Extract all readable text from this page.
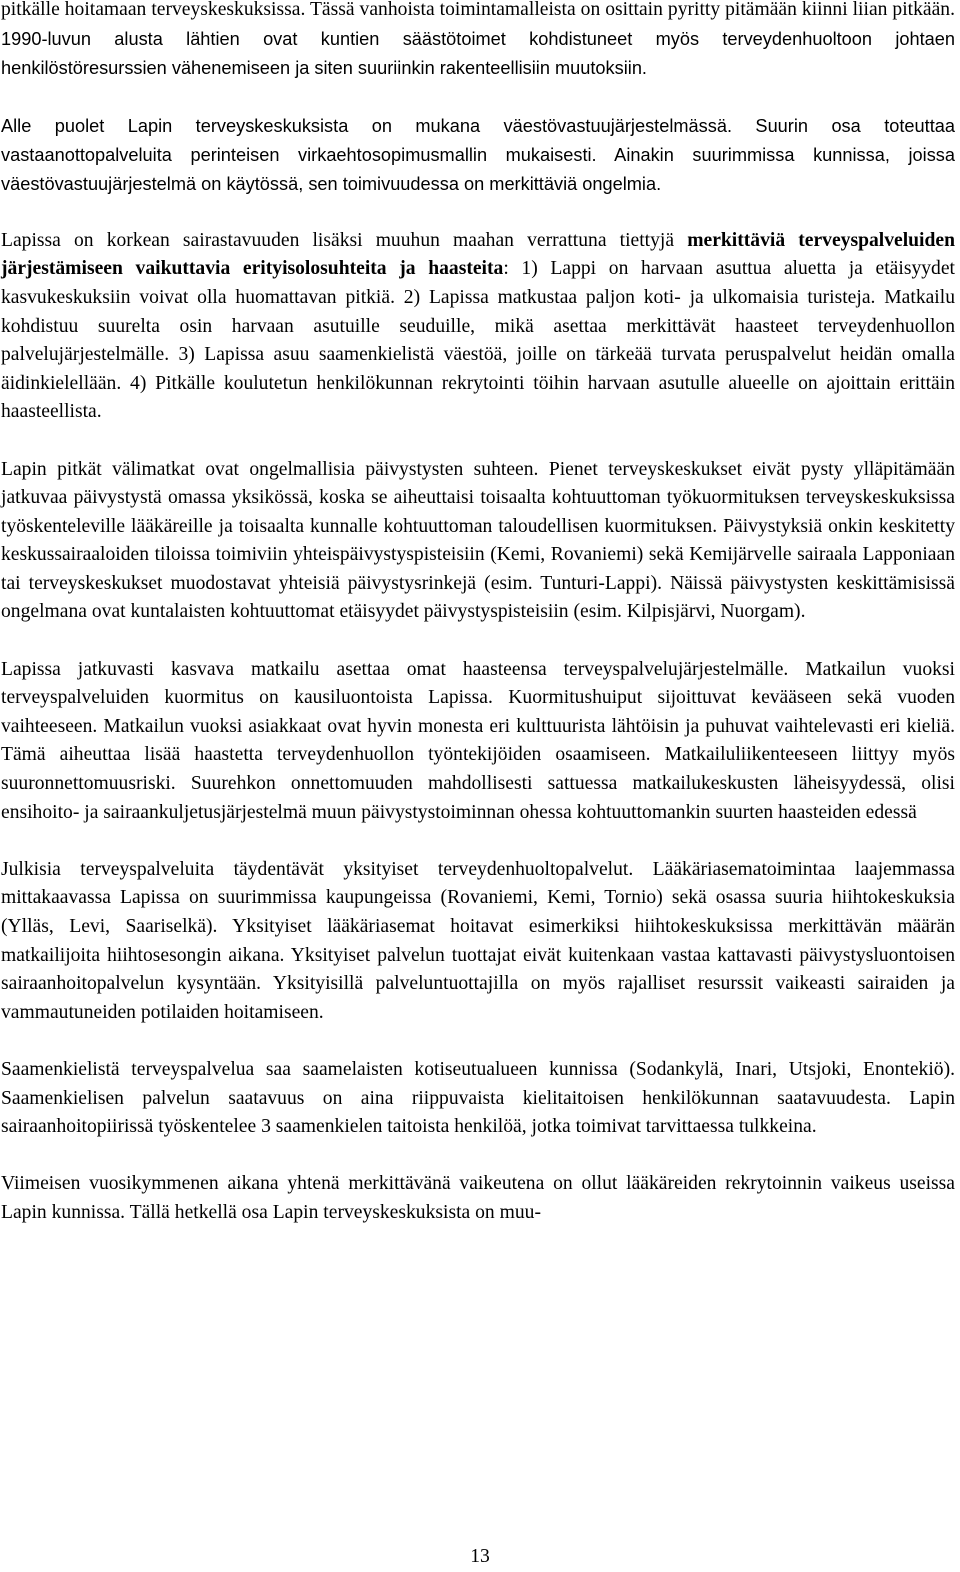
pitkälle hoitamaan terveyskeskuksissa. Tässä vanhoista toimintamalleista on osittain pyritty pitämään kiinni liian pitkään. 1990-luvun alusta lähtien ovat kuntien säästötoimet kohdistuneet myös terveydenhuoltoon johtaen henkilöstöresurssien vähenemiseen ja siten suuriinkin rakenteellisiin muutoksiin.

Alle puolet Lapin terveyskeskuksista on mukana väestövastuujärjestelmässä. Suurin osa toteuttaa vastaanottopalveluita perinteisen virkaehtosopimusmallin mukaisesti. Ainakin suurimmissa kunnissa, joissa väestövastuujärjestelmä on käytössä, sen toimivuudessa on merkittäviä ongelmia.

Lapissa on korkean sairastavuuden lisäksi muuhun maahan verrattuna tiettyjä merkittäviä terveyspalveluiden järjestämiseen vaikuttavia erityisolosuhteita ja haasteita: 1) Lappi on harvaan asuttua aluetta ja etäisyydet kasvukeskuksiin voivat olla huomattavan pitkiä. 2) Lapissa matkustaa paljon koti- ja ulkomaisia turisteja. Matkailu kohdistuu suurelta osin harvaan asutuille seuduille, mikä asettaa merkittävät haasteet terveydenhuollon palvelujärjestelmälle. 3) Lapissa asuu saamenkielistä väestöä, joille on tärkeää turvata peruspalvelut heidän omalla äidinkielellään. 4) Pitkälle koulutetun henkilökunnan rekrytointi töihin harvaan asutulle alueelle on ajoittain erittäin haasteellista.

Lapin pitkät välimatkat ovat ongelmallisia päivystysten suhteen. Pienet terveyskeskukset eivät pysty ylläpitämään jatkuvaa päivystystä omassa yksikössä, koska se aiheuttaisi toisaalta kohtuuttoman työkuormituksen terveyskeskuksissa työskenteleville lääkäreille ja toisaalta kunnalle kohtuuttoman taloudellisen kuormituksen. Päivystyksiä onkin keskitetty keskussairaaloiden tiloissa toimiviin yhteispäivystyspisteisiin (Kemi, Rovaniemi) sekä Kemijärvelle sairaala Lapponiaan tai terveyskeskukset muodostavat yhteisiä päivystysrinkejä (esim. Tunturi-Lappi). Näissä päivystysten keskittämisissä ongelmana ovat kuntalaisten kohtuuttomat etäisyydet päivystyspisteisiin (esim. Kilpisjärvi, Nuorgam).

Lapissa jatkuvasti kasvava matkailu asettaa omat haasteensa terveyspalvelujärjestelmälle. Matkailun vuoksi terveyspalveluiden kuormitus on kausiluontoista Lapissa. Kuormitushuiput sijoittuvat kevääseen sekä vuoden vaihteeseen. Matkailun vuoksi asiakkaat ovat hyvin monesta eri kulttuurista lähtöisin ja puhuvat vaihtelevasti eri kieliä. Tämä aiheuttaa lisää haastetta terveydenhuollon työntekijöiden osaamiseen. Matkailuliikenteeseen liittyy myös suuronnettomuusriski. Suurehkon onnettomuuden mahdollisesti sattuessa matkailukeskusten läheisyydessä, olisi ensihoito- ja sairaankuljetusjärjestelmä muun päivystystoiminnan ohessa kohtuuttomankin suurten haasteiden edessä

Julkisia terveyspalveluita täydentävät yksityiset terveydenhuoltopalvelut. Lääkäriasematoimintaa laajemmassa mittakaavassa Lapissa on suurimmissa kaupungeissa (Rovaniemi, Kemi, Tornio) sekä osassa suuria hiihtokeskuksia (Ylläs, Levi, Saariselkä). Yksityiset lääkäriasemat hoitavat esimerkiksi hiihtokeskuksissa merkittävän määrän matkailijoita hiihtosesongin aikana. Yksityiset palvelun tuottajat eivät kuitenkaan vastaa kattavasti päivystysluontoisen sairaanhoitopalvelun kysyntään. Yksityisillä palveluntuottajilla on myös rajalliset resurssit vaikeasti sairaiden ja vammautuneiden potilaiden hoitamiseen.

Saamenkielistä terveyspalvelua saa saamelaisten kotiseutualueen kunnissa (Sodankylä, Inari, Utsjoki, Enontekiö). Saamenkielisen palvelun saatavuus on aina riippuvaista kielitaitoisen henkilökunnan saatavuudesta. Lapin sairaanhoitopiirissä työskentelee 3 saamenkielen taitoista henkilöä, jotka toimivat tarvittaessa tulkkeina.

Viimeisen vuosikymmenen aikana yhtenä merkittävänä vaikeutena on ollut lääkäreiden rekrytoinnin vaikeus useissa Lapin kunnissa. Tällä hetkellä osa Lapin terveyskeskuksista on muu-

13
